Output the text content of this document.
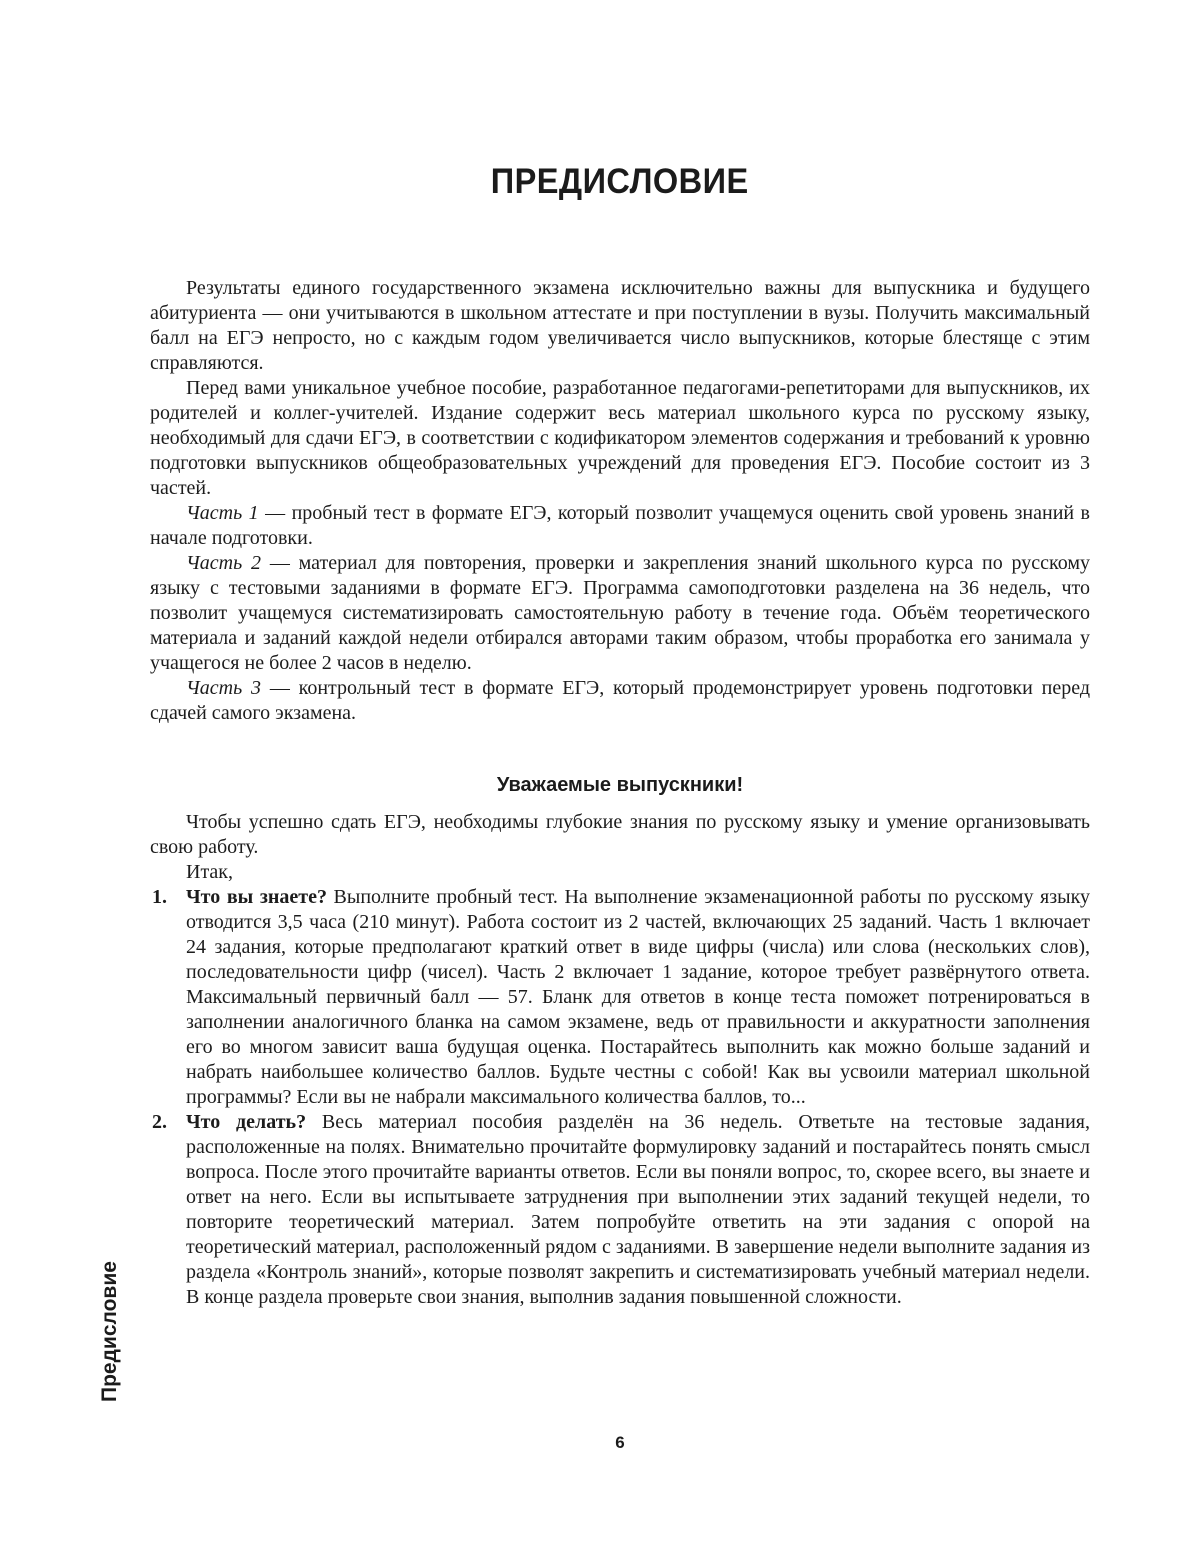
ПРЕДИСЛОВИЕ

Результаты единого государственного экзамена исключительно важны для выпускника и будущего абитуриента — они учитываются в школьном аттестате и при поступлении в вузы. Получить максимальный балл на ЕГЭ непросто, но с каждым годом увеличивается число выпускников, которые блестяще с этим справляются.

Перед вами уникальное учебное пособие, разработанное педагогами-репетиторами для выпускников, их родителей и коллег-учителей. Издание содержит весь материал школьного курса по русскому языку, необходимый для сдачи ЕГЭ, в соответствии с кодификатором элементов содержания и требований к уровню подготовки выпускников общеобразовательных учреждений для проведения ЕГЭ. Пособие состоит из 3 частей.

Часть 1 — пробный тест в формате ЕГЭ, который позволит учащемуся оценить свой уровень знаний в начале подготовки.

Часть 2 — материал для повторения, проверки и закрепления знаний школьного курса по русскому языку с тестовыми заданиями в формате ЕГЭ. Программа самоподготовки разделена на 36 недель, что позволит учащемуся систематизировать самостоятельную работу в течение года. Объём теоретического материала и заданий каждой недели отбирался авторами таким образом, чтобы проработка его занимала у учащегося не более 2 часов в неделю.

Часть 3 — контрольный тест в формате ЕГЭ, который продемонстрирует уровень подготовки перед сдачей самого экзамена.

Уважаемые выпускники!

Чтобы успешно сдать ЕГЭ, необходимы глубокие знания по русскому языку и умение организовывать свою работу.

Итак,

1. Что вы знаете? Выполните пробный тест. На выполнение экзаменационной работы по русскому языку отводится 3,5 часа (210 минут). Работа состоит из 2 частей, включающих 25 заданий. Часть 1 включает 24 задания, которые предполагают краткий ответ в виде цифры (числа) или слова (нескольких слов), последовательности цифр (чисел). Часть 2 включает 1 задание, которое требует развёрнутого ответа. Максимальный первичный балл — 57. Бланк для ответов в конце теста поможет потренироваться в заполнении аналогичного бланка на самом экзамене, ведь от правильности и аккуратности заполнения его во многом зависит ваша будущая оценка. Постарайтесь выполнить как можно больше заданий и набрать наибольшее количество баллов. Будьте честны с собой! Как вы усвоили материал школьной программы? Если вы не набрали максимального количества баллов, то...
2. Что делать? Весь материал пособия разделён на 36 недель. Ответьте на тестовые задания, расположенные на полях. Внимательно прочитайте формулировку заданий и постарайтесь понять смысл вопроса. После этого прочитайте варианты ответов. Если вы поняли вопрос, то, скорее всего, вы знаете и ответ на него. Если вы испытываете затруднения при выполнении этих заданий текущей недели, то повторите теоретический материал. Затем попробуйте ответить на эти задания с опорой на теоретический материал, расположенный рядом с заданиями. В завершение недели выполните задания из раздела «Контроль знаний», которые позволят закрепить и систематизировать учебный материал недели. В конце раздела проверьте свои знания, выполнив задания повышенной сложности.
Предисловие
6
